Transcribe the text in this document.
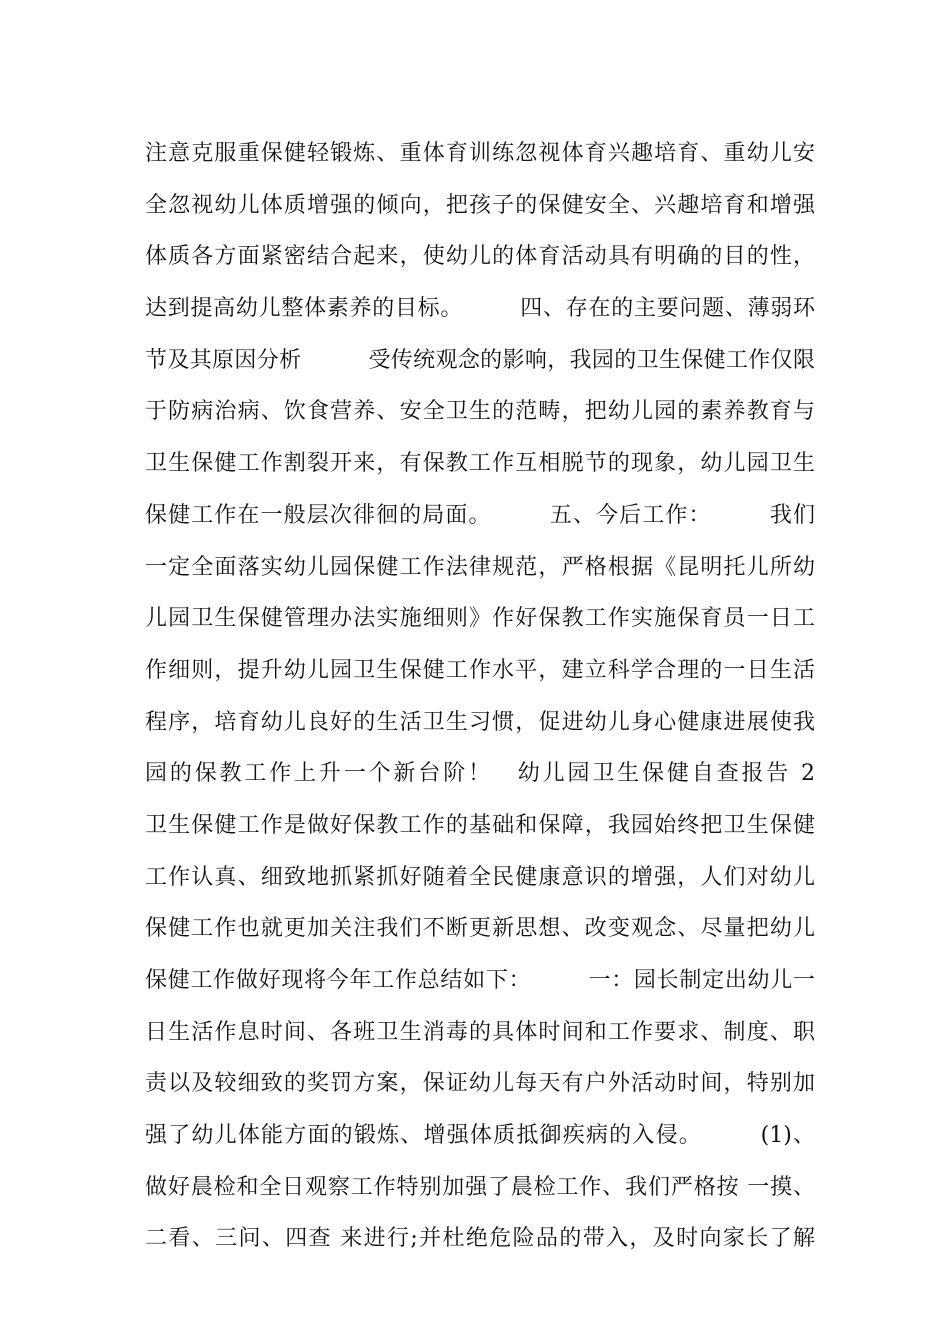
注意克服重保健轻锻炼、重体育训练忽视体育兴趣培育、重幼儿安
全忽视幼儿体质增强的倾向，把孩子的保健安全、兴趣培育和增强
体质各方面紧密结合起来，使幼儿的体育活动具有明确的目的性，
达到提高幼儿整体素养的目标。　　　四、存在的主要问题、薄弱环
节及其原因分析　　　受传统观念的影响，我园的卫生保健工作仅限
于防病治病、饮食营养、安全卫生的范畴，把幼儿园的素养教育与
卫生保健工作割裂开来，有保教工作互相脱节的现象，幼儿园卫生
保健工作在一般层次徘徊的局面。　　　五、今后工作：　　　我们
一定全面落实幼儿园保健工作法律规范，严格根据《昆明托儿所幼
儿园卫生保健管理办法实施细则》作好保教工作实施保育员一日工
作细则，提升幼儿园卫生保健工作水平，建立科学合理的一日生活
程序，培育幼儿良好的生活卫生习惯，促进幼儿身心健康进展使我
园的保教工作上升一个新台阶！　幼儿园卫生保健自查报告 2
卫生保健工作是做好保教工作的基础和保障，我园始终把卫生保健
工作认真、细致地抓紧抓好随着全民健康意识的增强，人们对幼儿
保健工作也就更加关注我们不断更新思想、改变观念、尽量把幼儿
保健工作做好现将今年工作总结如下：　　　一：园长制定出幼儿一
日生活作息时间、各班卫生消毒的具体时间和工作要求、制度、职
责以及较细致的奖罚方案，保证幼儿每天有户外活动时间，特别加
强了幼儿体能方面的锻炼、增强体质抵御疾病的入侵。　　　(1)、
做好晨检和全日观察工作特别加强了晨检工作、我们严格按 一摸、
二看、三问、四查 来进行;并杜绝危险品的带入，及时向家长了解
